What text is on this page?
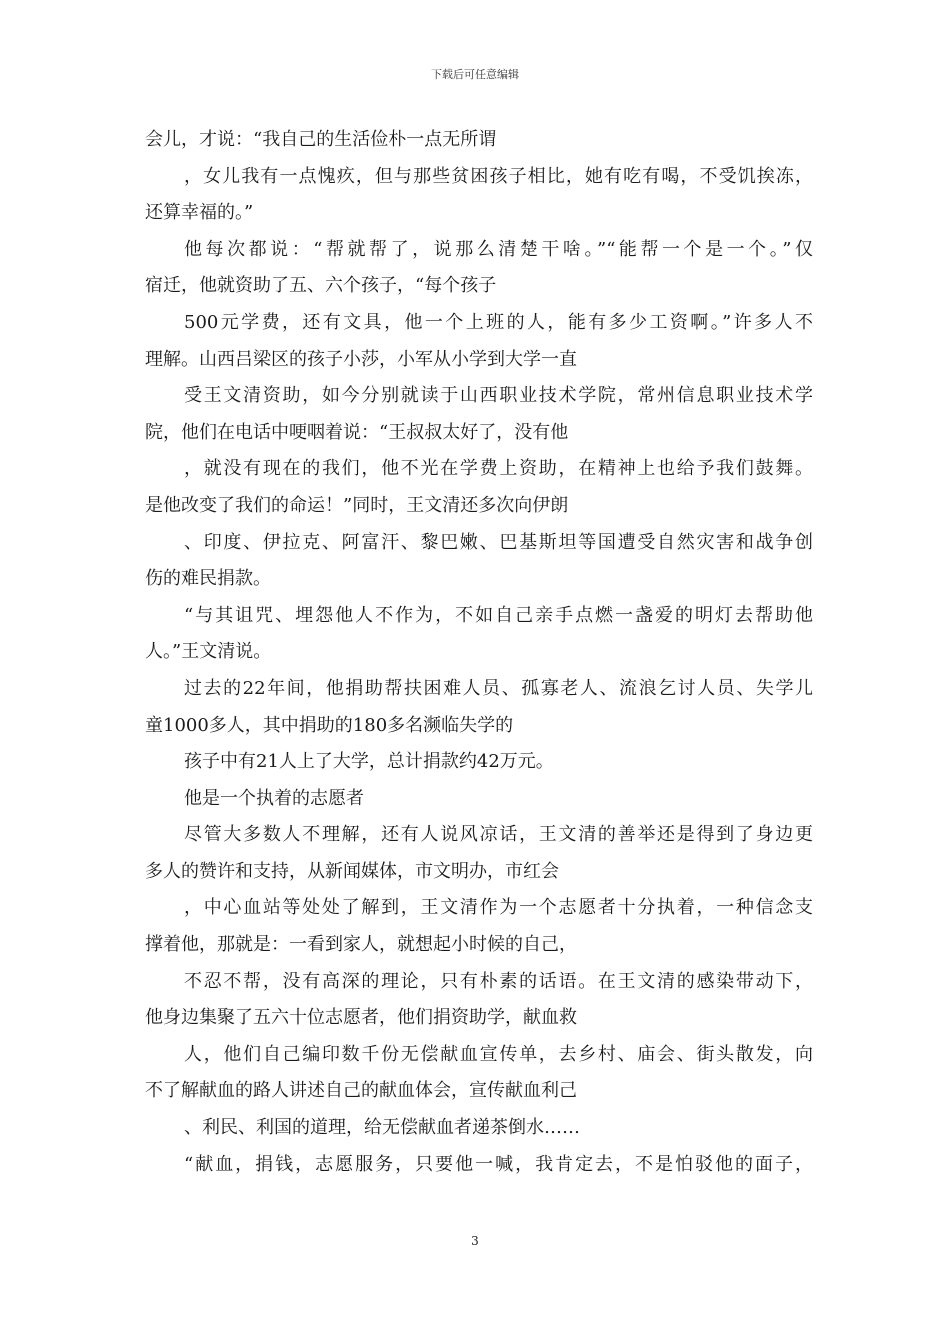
下载后可任意编辑
会儿，才说：“我自己的生活俭朴一点无所谓
，女儿我有一点愧疚，但与那些贫困孩子相比，她有吃有喝，不受饥挨冻，
还算幸福的。”
他每次都说：“帮就帮了，说那么清楚干啥。”“能帮一个是一个。”仅
宿迁，他就资助了五、六个孩子，“每个孩子
500元学费，还有文具，他一个上班的人，能有多少工资啊。”许多人不
理解。山西吕梁区的孩子小莎，小军从小学到大学一直
受王文清资助，如今分别就读于山西职业技术学院，常州信息职业技术学
院，他们在电话中哽咽着说：“王叔叔太好了，没有他
，就没有现在的我们，他不光在学费上资助，在精神上也给予我们鼓舞。
是他改变了我们的命运！”同时，王文清还多次向伊朗
、印度、伊拉克、阿富汗、黎巴嫩、巴基斯坦等国遭受自然灾害和战争创
伤的难民捐款。
“与其诅咒、埋怨他人不作为，不如自己亲手点燃一盏爱的明灯去帮助他
人。”王文清说。
过去的22年间，他捐助帮扶困难人员、孤寡老人、流浪乞讨人员、失学儿
童1000多人，其中捐助的180多名濒临失学的
孩子中有21人上了大学，总计捐款约42万元。
他是一个执着的志愿者
尽管大多数人不理解，还有人说风凉话，王文清的善举还是得到了身边更
多人的赞许和支持，从新闻媒体，市文明办，市红会
，中心血站等处处了解到，王文清作为一个志愿者十分执着，一种信念支
撑着他，那就是：一看到家人，就想起小时候的自己，
不忍不帮，没有高深的理论，只有朴素的话语。在王文清的感染带动下，
他身边集聚了五六十位志愿者，他们捐资助学，献血救
人，他们自己编印数千份无偿献血宣传单，去乡村、庙会、街头散发，向
不了解献血的路人讲述自己的献血体会，宣传献血利己
、利民、利国的道理，给无偿献血者递茶倒水……
“献血，捐钱，志愿服务，只要他一喊，我肯定去，不是怕驳他的面子，
3
